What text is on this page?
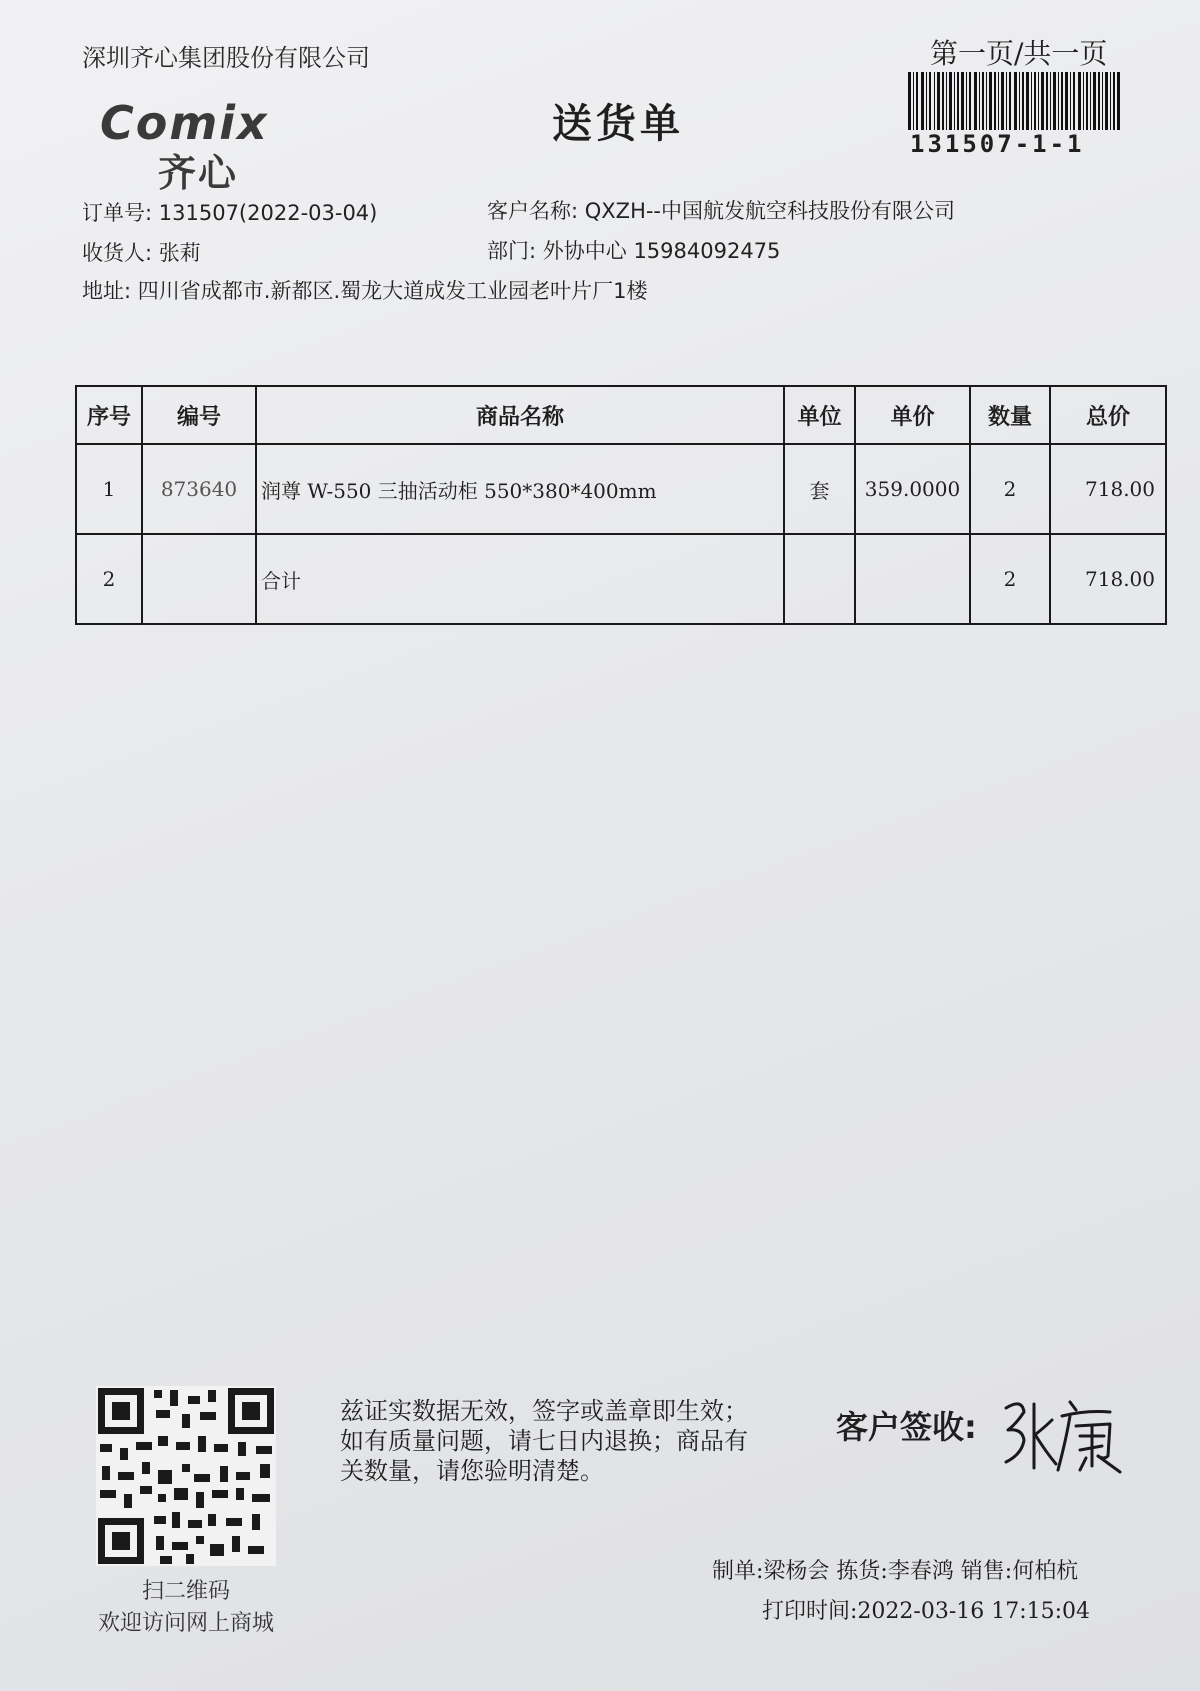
深圳齐心集团股份有限公司
Comix
齐心
送货单
第一页/共一页
131507-1-1
订单号: 131507(2022-03-04)	客户名称: QXZH--中国航发航空科技股份有限公司
收货人: 张莉	部门: 外协中心 15984092475
地址: 四川省成都市.新都区.蜀龙大道成发工业园老叶片厂1楼
序号	编号	商品名称	单位	单价	数量	总价
1	873640	润尊 W-550 三抽活动柜 550*380*400mm	套	359.0000	2	718.00
2		合计			2	718.00
扫二维码
欢迎访问网上商城
兹证实数据无效，签字或盖章即生效；如有质量问题，请七日内退换；商品有关数量，请您验明清楚。
客户签收:
制单:梁杨会 拣货:李春鸿 销售:何柏杭
打印时间:2022-03-16 17:15:04
